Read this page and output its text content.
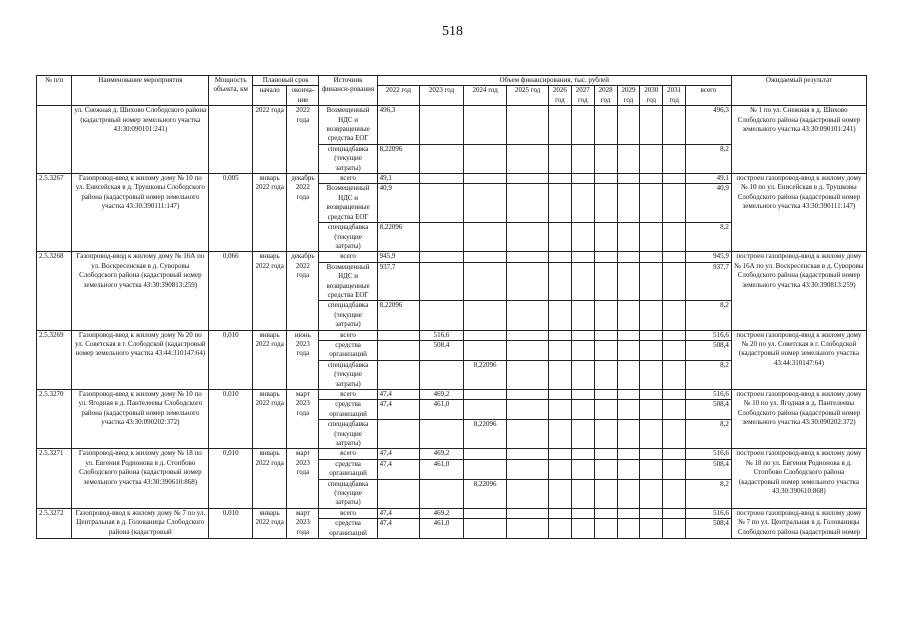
518
№ п/п	Наименование мероприятия	Мощность объекта, км	Плановый срок		Источник финанси-рования	Объем финансирования, тыс. рублей											Ожидаемый результат
			начало	оконча-ние		2022 год	2023 год	2024 год	2025 год	2026 год	2027 год	2028 год	2029 год	2030 год	2031 год	всего	
	ул. Снежная д. Шихово Слободского района (кадастровый номер земельного участка 43:30:090101:241)		2022 года	2022 года	Возмещенный НДС и возвращенные средства ЕОГ	496,3										496,3	№ 1 по ул. Снежная в д. Шихово Слободского района (кадастровый номер земельного участка 43:30:090101:241)
					спецнадбавка (текущие затраты)	8,22096										8,2	
2.5.3267	Газопровод-ввод к жилому дому № 10 по ул. Енисейская в д. Трушковы Слободского района (кадастровый номер земельного участка 43:30:390111:147)	0,005	январь 2022 года	декабрь 2022 года	всего	49,1										49,1	построен газопровод-ввод к жилому дому № 10 по ул. Енисейская в д. Трушковы Слободского района (кадастровый номер земельного участка 43:30:390111:147)
					Возмещенный НДС и возвращенные средства ЕОГ	40,9										40,9	
					спецнадбавка (текущие затраты)	8,22096										8,2	
2.5.3268	Газопровод-ввод к жилому дому № 16А по ул. Воскресенская в д. Суворовы Слободского района (кадастровый номер земельного участка 43:30:390813:259)	0,066	январь 2022 года	декабрь 2022 года	всего	945,9										945,9	построен газопровод-ввод к жилому дому № 16А по ул. Воскресенская в д. Суворовы Слободского района (кадастровый номер земельного участка 43:30:390813:259)
					Возмещенный НДС и возвращенные средства ЕОГ	937,7										937,7	
					спецнадбавка (текущие затраты)	8,22096										8,2	
2.5.3269	Газопровод-ввод к жилому дому № 20 по ул. Советская в г. Слободской (кадастровый номер земельного участка 43:44:310147:64)	0,010	январь 2022 года	июнь 2023 года	всего		516,6									516,6	построен газопровод-ввод к жилому дому № 20 по ул. Советская в г. Слободской (кадастровый номер земельного участка 43:44:310147:64)
					средства организаций		508,4									508,4	
					спецнадбавка (текущие затраты)			8,22096								8,2	
2.5.3270	Газопровод-ввод к жилому дому № 10 по ул. Ягодная в д. Пантелеевы Слободского района (кадастровый номер земельного участка 43:30:090202:372)	0,010	январь 2022 года	март 2023 года	всего	47,4	469,2									516,6	построен газопровод-ввод к жилому дому № 10 по ул. Ягодная в д. Пантелеевы Слободского района (кадастровый номер земельного участка 43:30:090202:372)
					средства организаций	47,4	461,0									508,4	
					спецнадбавка (текущие затраты)			8,22096								8,2	
2.5.3271	Газопровод-ввод к жилому дому № 18 по ул. Евгения Родионова в д. Стопбово Слободского района (кадастровый номер земельного участка 43:30:390610:868)	0,010	январь 2022 года	март 2023 года	всего	47,4	469,2									516,6	построен газопровод-ввод к жилому дому № 18 по ул. Евгения Родионова в д. Стопбово Слободского района (кадастровый номер земельного участка 43:30:390610:868)
					средства организаций	47,4	461,0									508,4	
					спецнадбавка (текущие затраты)			8,22096								8,2	
2.5.3272	Газопровод-ввод к жилому дому № 7 по ул. Центральная в д. Голованицы Слободского района (кадастровый	0,010	январь 2022 года	март 2023 года	всего	47,4	469,2									516,6	построен газопровод-ввод к жилому дому № 7 по ул. Центральная в д. Голованицы Слободского района (кадастровый номер
					средства организаций	47,4	461,0									508,4	
